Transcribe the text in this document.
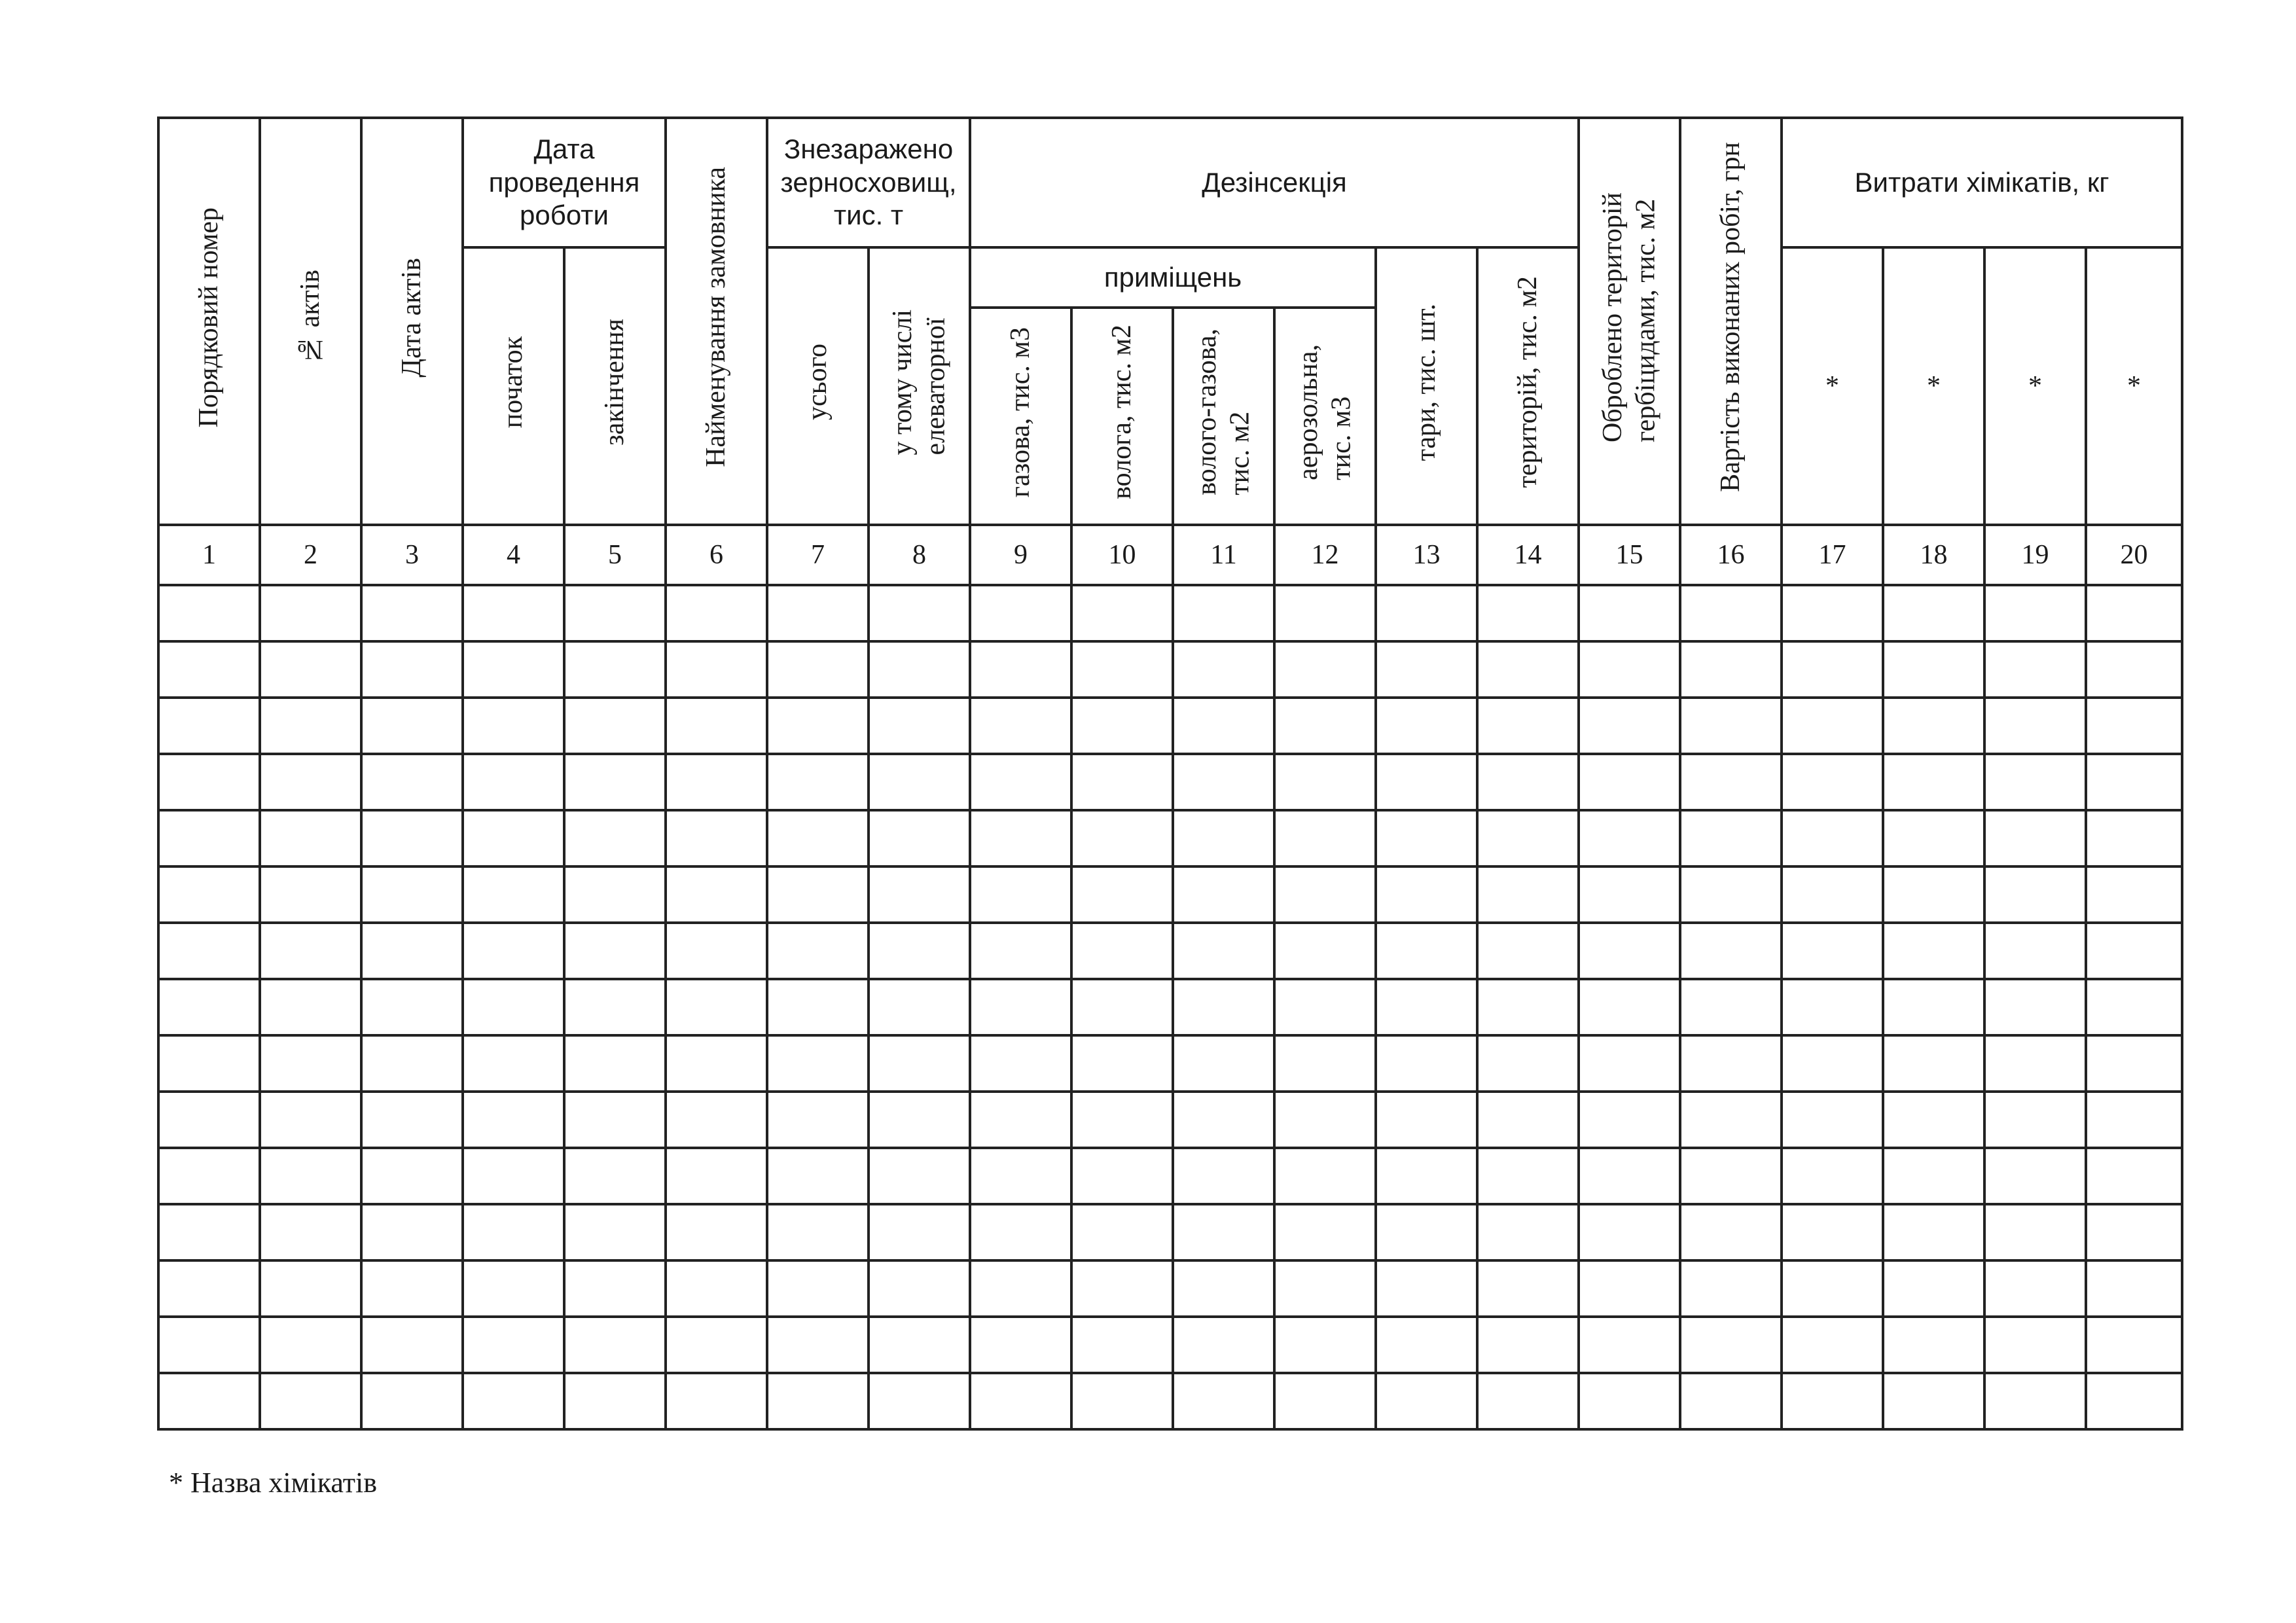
Порядковий номер	№ актів	Дата актів	Дата проведення роботи		Найменування замовника	Знезаражено зерносховищ, тис. т		Дезінсекція						Оброблено територій гербіцидами, тис. м2	Вартість виконаних робіт, грн	Витрати хімікатів, кг			

			початок	закінчення		усього	у тому числі елеваторної	приміщень				тари, тис. шт.	територій, тис. м2			*	*	*	*
								газова, тис. м3	волога, тис. м2	волого-газова, тис. м2	аерозольна, тис. м3								
1	2	3	4	5	6	7	8	9	10	11	12	13	14	15	16	17	18	19	20

* Назва хімікатів
